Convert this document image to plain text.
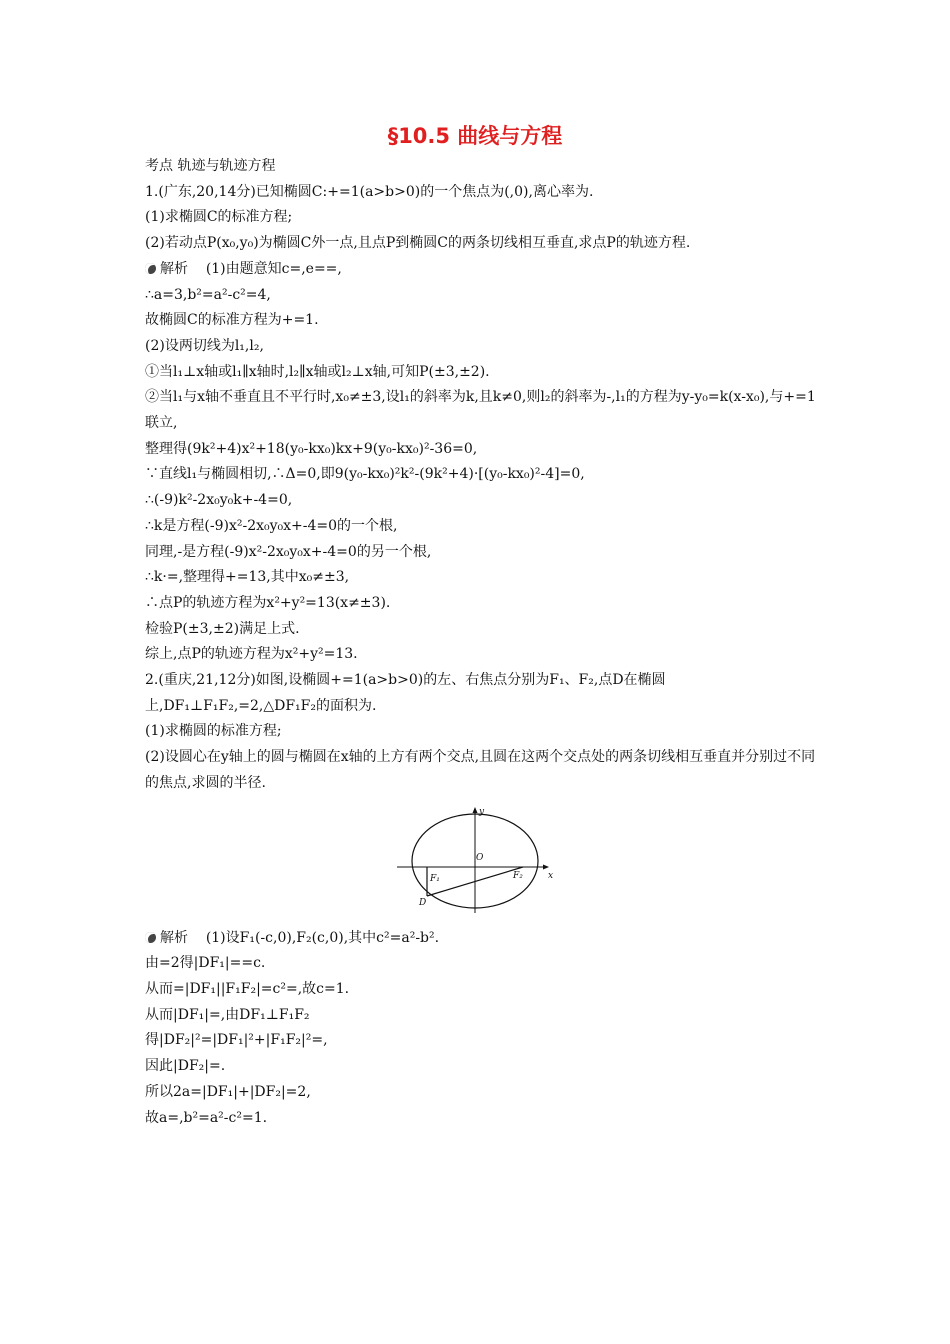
§10.5 曲线与方程
考点 轨迹与轨迹方程
1.(广东,20,14分)已知椭圆C:+=1(a>b>0)的一个焦点为(,0),离心率为.
(1)求椭圆C的标准方程;
(2)若动点P(x₀,y₀)为椭圆C外一点,且点P到椭圆C的两条切线相互垂直,求点P的轨迹方程.
解析 (1)由题意知c=,e==,
∴a=3,b²=a²-c²=4,
故椭圆C的标准方程为+=1.
(2)设两切线为l₁,l₂,
①当l₁⊥x轴或l₁∥x轴时,l₂∥x轴或l₂⊥x轴,可知P(±3,±2).
②当l₁与x轴不垂直且不平行时,x₀≠±3,设l₁的斜率为k,且k≠0,则l₂的斜率为-,l₁的方程为y-y₀=k(x-x₀),与+=1联立,
整理得(9k²+4)x²+18(y₀-kx₀)kx+9(y₀-kx₀)²-36=0,
∵直线l₁与椭圆相切,∴Δ=0,即9(y₀-kx₀)²k²-(9k²+4)·[(y₀-kx₀)²-4]=0,
∴(-9)k²-2x₀y₀k+-4=0,
∴k是方程(-9)x²-2x₀y₀x+-4=0的一个根,
同理,-是方程(-9)x²-2x₀y₀x+-4=0的另一个根,
∴k·=,整理得+=13,其中x₀≠±3,
∴点P的轨迹方程为x²+y²=13(x≠±3).
检验P(±3,±2)满足上式.
综上,点P的轨迹方程为x²+y²=13.
2.(重庆,21,12分)如图,设椭圆+=1(a>b>0)的左、右焦点分别为F₁、F₂,点D在椭圆
上,DF₁⊥F₁F₂,=2,△DF₁F₂的面积为.
(1)求椭圆的标准方程;
(2)设圆心在y轴上的圆与椭圆在x轴的上方有两个交点,且圆在这两个交点处的两条切线相互垂直并分别过不同的焦点,求圆的半径.
y
x
O
F₁	F₂
D
解析 (1)设F₁(-c,0),F₂(c,0),其中c²=a²-b².
由=2得|DF₁|==c.
从而=|DF₁||F₁F₂|=c²=,故c=1.
从而|DF₁|=,由DF₁⊥F₁F₂
得|DF₂|²=|DF₁|²+|F₁F₂|²=,
因此|DF₂|=.
所以2a=|DF₁|+|DF₂|=2,
故a=,b²=a²-c²=1.
